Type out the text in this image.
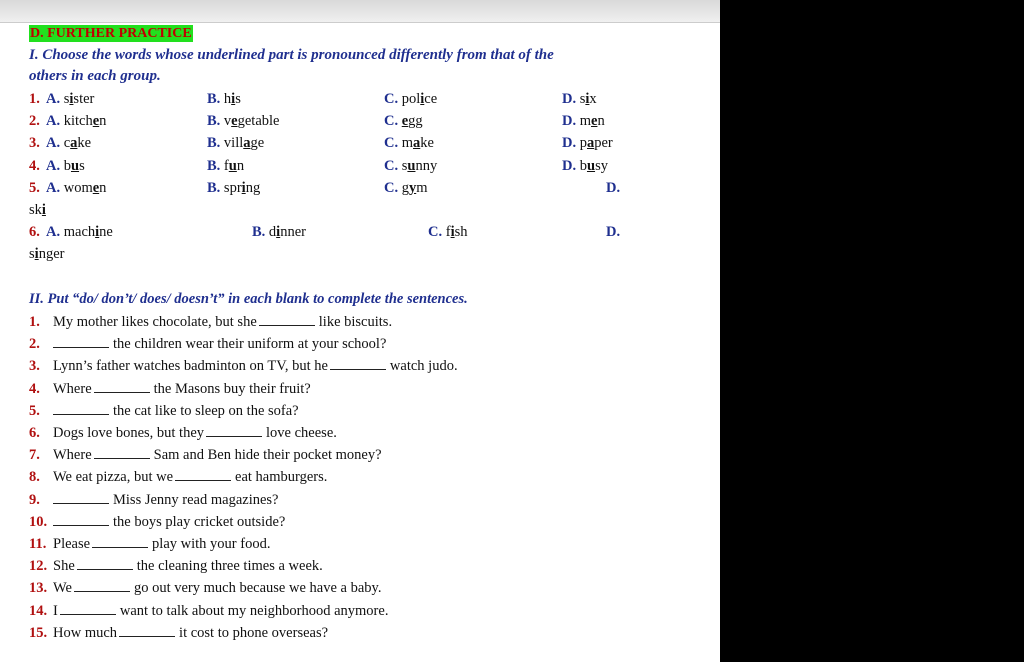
D. FURTHER PRACTICE
I. Choose the words whose underlined part is pronounced differently from that of the
others in each group.
1. A. sister	B. his	C. police	D. six
2. A. kitchen	B. vegetable	C. egg	D. men
3. A. cake	B. village	C. make	D. paper
4. A. bus	B. fun	C. sunny	D. busy
5. A. women	B. spring	C. gym	D.
ski
6. A. machine	B. dinner	C. fish	D.
singer
II. Put “do/ don’t/ does/ doesn’t” in each blank to complete the sentences.
1. My mother likes chocolate, but she	like biscuits.
2.	the children wear their uniform at your school?
3. Lynn’s father watches badminton on TV, but he	watch judo.
4. Where	the Masons buy their fruit?
5.	the cat like to sleep on the sofa?
6. Dogs love bones, but they	love cheese.
7. Where	Sam and Ben hide their pocket money?
8. We eat pizza, but we	eat hamburgers.
9.	Miss Jenny read magazines?
10.	the boys play cricket outside?
11. Please	play with your food.
12. She	the cleaning three times a week.
13. We	go out very much because we have a baby.
14. I	want to talk about my neighborhood anymore.
15. How much	it cost to phone overseas?
